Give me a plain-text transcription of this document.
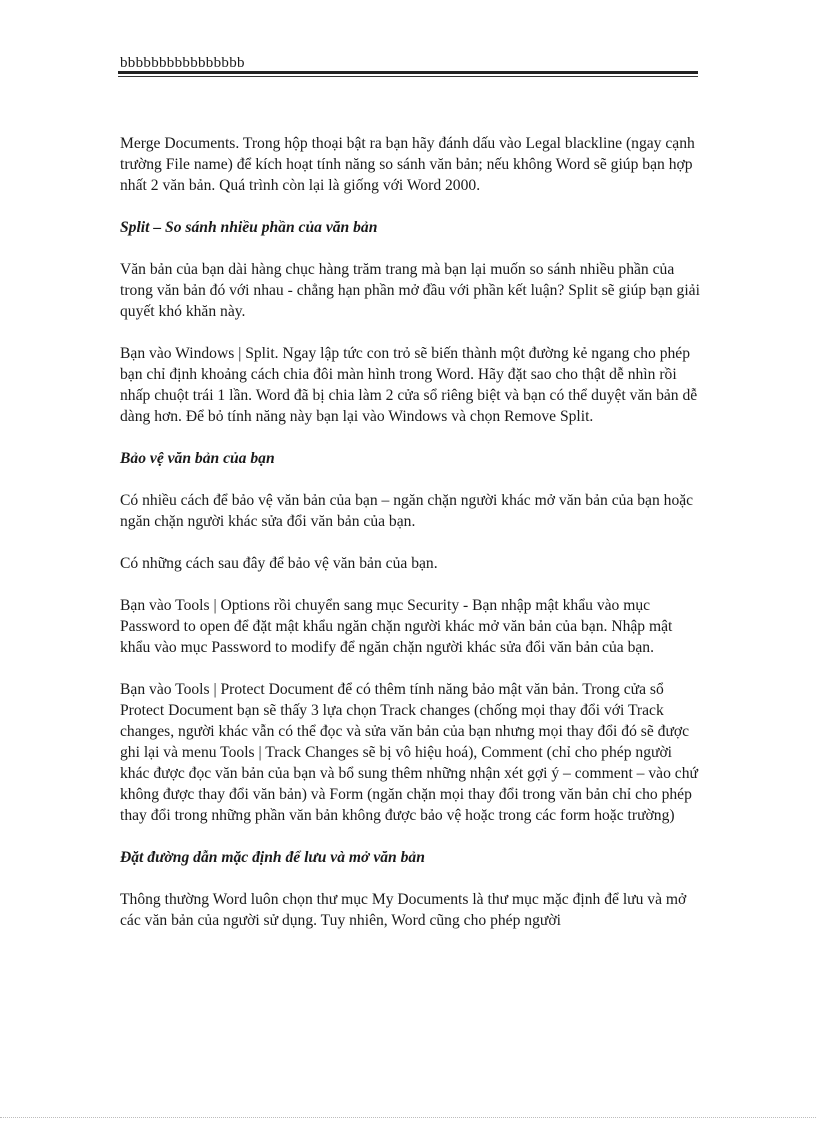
bbbbbbbbbbbbbbbb

Merge Documents. Trong hộp thoại bật ra bạn hãy đánh dấu vào Legal blackline (ngay cạnh trường File name) để kích hoạt tính năng so sánh văn bản; nếu không Word sẽ giúp bạn hợp nhất 2 văn bản. Quá trình còn lại là giống với Word 2000.

Split – So sánh nhiều phần của văn bản

Văn bản của bạn dài hàng chục hàng trăm trang mà bạn lại muốn so sánh nhiều phần của trong văn bản đó với nhau - chẳng hạn phần mở đầu với phần kết luận? Split sẽ giúp bạn giải quyết khó khăn này.

Bạn vào Windows | Split. Ngay lập tức con trỏ sẽ biến thành một đường kẻ ngang cho phép bạn chỉ định khoảng cách chia đôi màn hình trong Word. Hãy đặt sao cho thật dễ nhìn rồi nhấp chuột trái 1 lần. Word đã bị chia làm 2 cửa sổ riêng biệt và bạn có thể duyệt văn bản dễ dàng hơn. Để bỏ tính năng này bạn lại vào Windows và chọn Remove Split.

Bảo vệ văn bản của bạn

Có nhiều cách để bảo vệ văn bản của bạn – ngăn chặn người khác mở văn bản của bạn hoặc ngăn chặn người khác sửa đổi văn bản của bạn.

Có những cách sau đây để bảo vệ văn bản của bạn.

Bạn vào Tools | Options rồi chuyển sang mục Security - Bạn nhập mật khẩu vào mục Password to open để đặt mật khẩu ngăn chặn người khác mở văn bản của bạn. Nhập mật khẩu vào mục Password to modify để ngăn chặn người khác sửa đổi văn bản của bạn.

Bạn vào Tools | Protect Document để có thêm tính năng bảo mật văn bản. Trong cửa sổ Protect Document bạn sẽ thấy 3 lựa chọn Track changes (chống mọi thay đổi với Track changes, người khác vẫn có thể đọc và sửa văn bản của bạn nhưng mọi thay đổi đó sẽ được ghi lại và menu Tools | Track Changes sẽ bị vô hiệu hoá), Comment (chỉ cho phép người khác được đọc văn bản của bạn và bổ sung thêm những nhận xét gợi ý – comment – vào chứ không được thay đổi văn bản) và Form (ngăn chặn mọi thay đổi trong văn bản chỉ cho phép thay đổi trong những phần văn bản không được bảo vệ hoặc trong các form hoặc trường)

Đặt đường dẫn mặc định để lưu và mở văn bản

Thông thường Word luôn chọn thư mục My Documents là thư mục mặc định để lưu và mở các văn bản của người sử dụng. Tuy nhiên, Word cũng cho phép người
